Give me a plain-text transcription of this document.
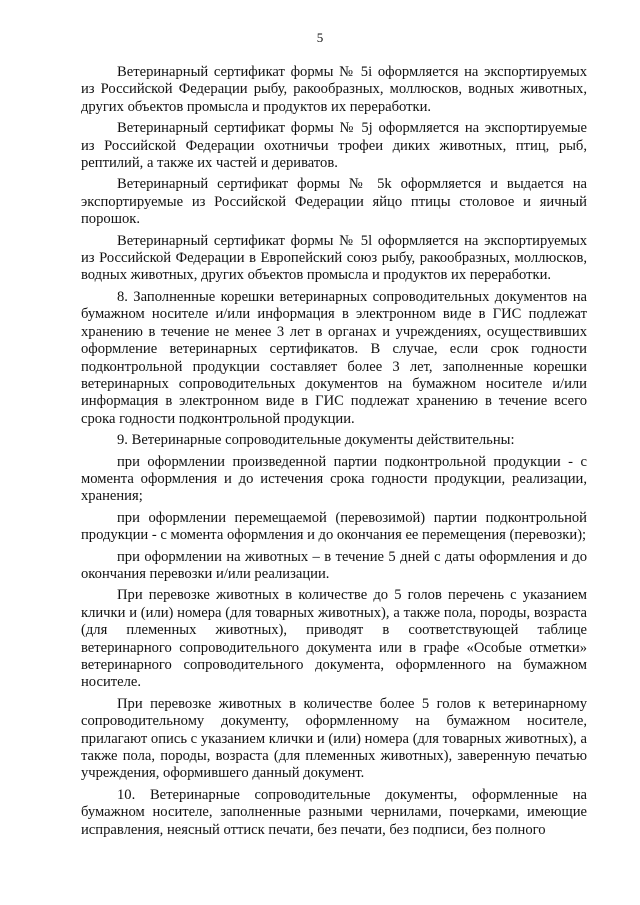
5

Ветеринарный сертификат формы № 5i оформляется на экспортируемых из Российской Федерации рыбу, ракообразных, моллюсков, водных животных, других объектов промысла и продуктов их переработки.

Ветеринарный сертификат формы № 5j оформляется на экспортируемые из Российской Федерации охотничьи трофеи диких животных, птиц, рыб, рептилий, а также их частей и дериватов.

Ветеринарный сертификат формы № 5k оформляется и выдается на экспортируемые из Российской Федерации яйцо птицы столовое и яичный порошок.

Ветеринарный сертификат формы № 5l оформляется на экспортируемых из Российской Федерации в Европейский союз рыбу, ракообразных, моллюсков, водных животных, других объектов промысла и продуктов их переработки.

8. Заполненные корешки ветеринарных сопроводительных документов на бумажном носителе и/или информация в электронном виде в ГИС подлежат хранению в течение не менее 3 лет в органах и учреждениях, осуществивших оформление ветеринарных сертификатов. В случае, если срок годности подконтрольной продукции составляет более 3 лет, заполненные корешки ветеринарных сопроводительных документов на бумажном носителе и/или информация в электронном виде в ГИС подлежат хранению в течение всего срока годности подконтрольной продукции.

9. Ветеринарные сопроводительные документы действительны:

при оформлении произведенной партии подконтрольной продукции - с момента оформления и до истечения срока годности продукции, реализации, хранения;

при оформлении перемещаемой (перевозимой) партии подконтрольной продукции - с момента оформления и до окончания ее перемещения (перевозки);

при оформлении на животных – в течение 5 дней с даты оформления и до окончания перевозки и/или реализации.

При перевозке животных в количестве до 5 голов перечень с указанием клички и (или) номера (для товарных животных), а также пола, породы, возраста (для племенных животных), приводят в соответствующей таблице ветеринарного сопроводительного документа или в графе «Особые отметки» ветеринарного сопроводительного документа, оформленного на бумажном носителе.

При перевозке животных в количестве более 5 голов к ветеринарному сопроводительному документу, оформленному на бумажном носителе, прилагают опись с указанием клички и (или) номера (для товарных животных), а также пола, породы, возраста (для племенных животных), заверенную печатью учреждения, оформившего данный документ.

10. Ветеринарные сопроводительные документы, оформленные на бумажном носителе, заполненные разными чернилами, почерками, имеющие исправления, неясный оттиск печати, без печати, без подписи, без полного
